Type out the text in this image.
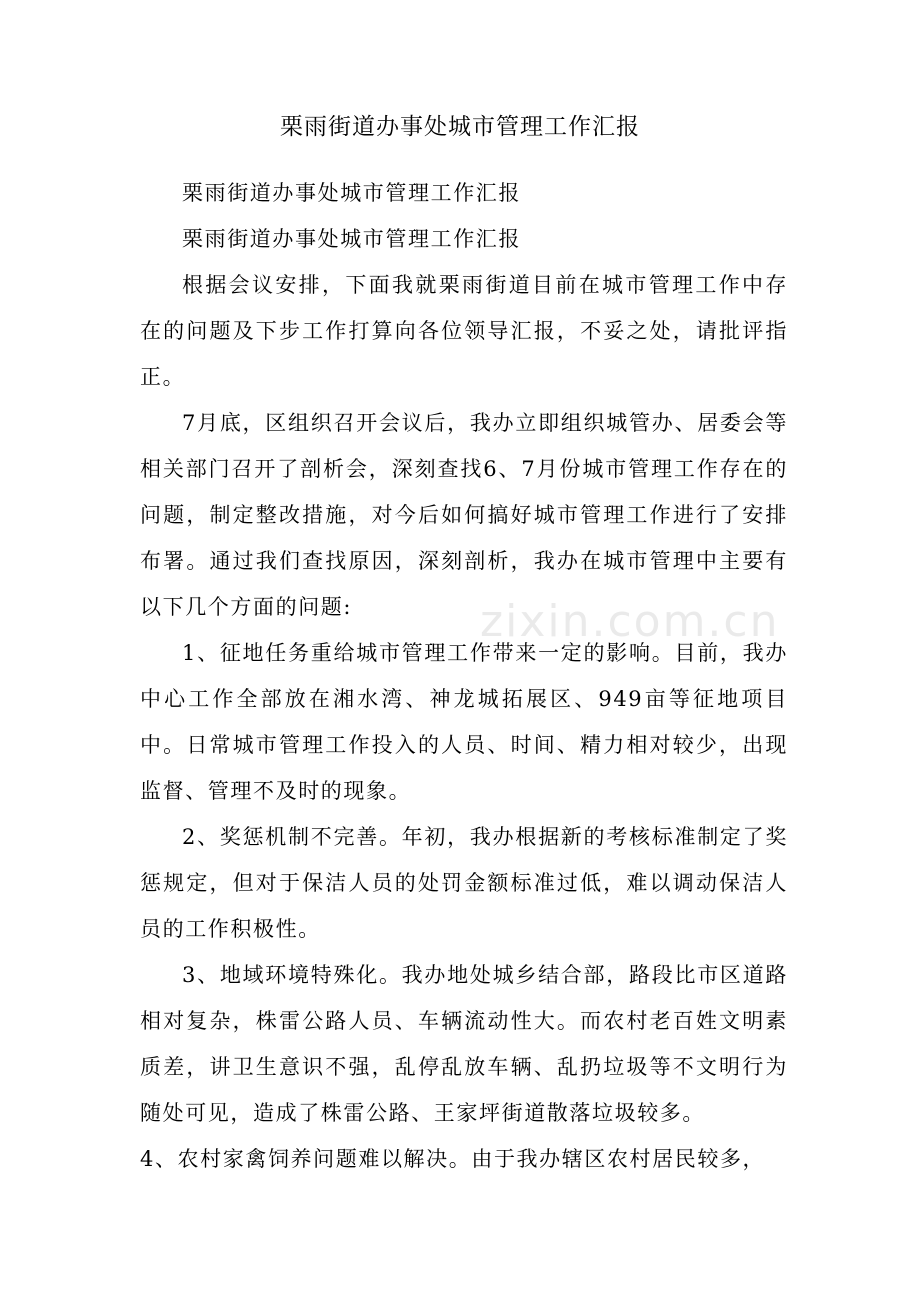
栗雨街道办事处城市管理工作汇报

栗雨街道办事处城市管理工作汇报

栗雨街道办事处城市管理工作汇报

根据会议安排，下面我就栗雨街道目前在城市管理工作中存在的问题及下步工作打算向各位领导汇报，不妥之处，请批评指正。

7月底，区组织召开会议后，我办立即组织城管办、居委会等相关部门召开了剖析会，深刻查找6、7月份城市管理工作存在的问题，制定整改措施，对今后如何搞好城市管理工作进行了安排布署。通过我们查找原因，深刻剖析，我办在城市管理中主要有以下几个方面的问题:

1、征地任务重给城市管理工作带来一定的影响。目前，我办中心工作全部放在湘水湾、神龙城拓展区、949亩等征地项目中。日常城市管理工作投入的人员、时间、精力相对较少，出现监督、管理不及时的现象。

2、奖惩机制不完善。年初，我办根据新的考核标准制定了奖惩规定，但对于保洁人员的处罚金额标准过低，难以调动保洁人员的工作积极性。

3、地域环境特殊化。我办地处城乡结合部，路段比市区道路相对复杂，株雷公路人员、车辆流动性大。而农村老百姓文明素质差，讲卫生意识不强，乱停乱放车辆、乱扔垃圾等不文明行为随处可见，造成了株雷公路、王家坪街道散落垃圾较多。

4、农村家禽饲养问题难以解决。由于我办辖区农村居民较多，

zixin.com.cn
